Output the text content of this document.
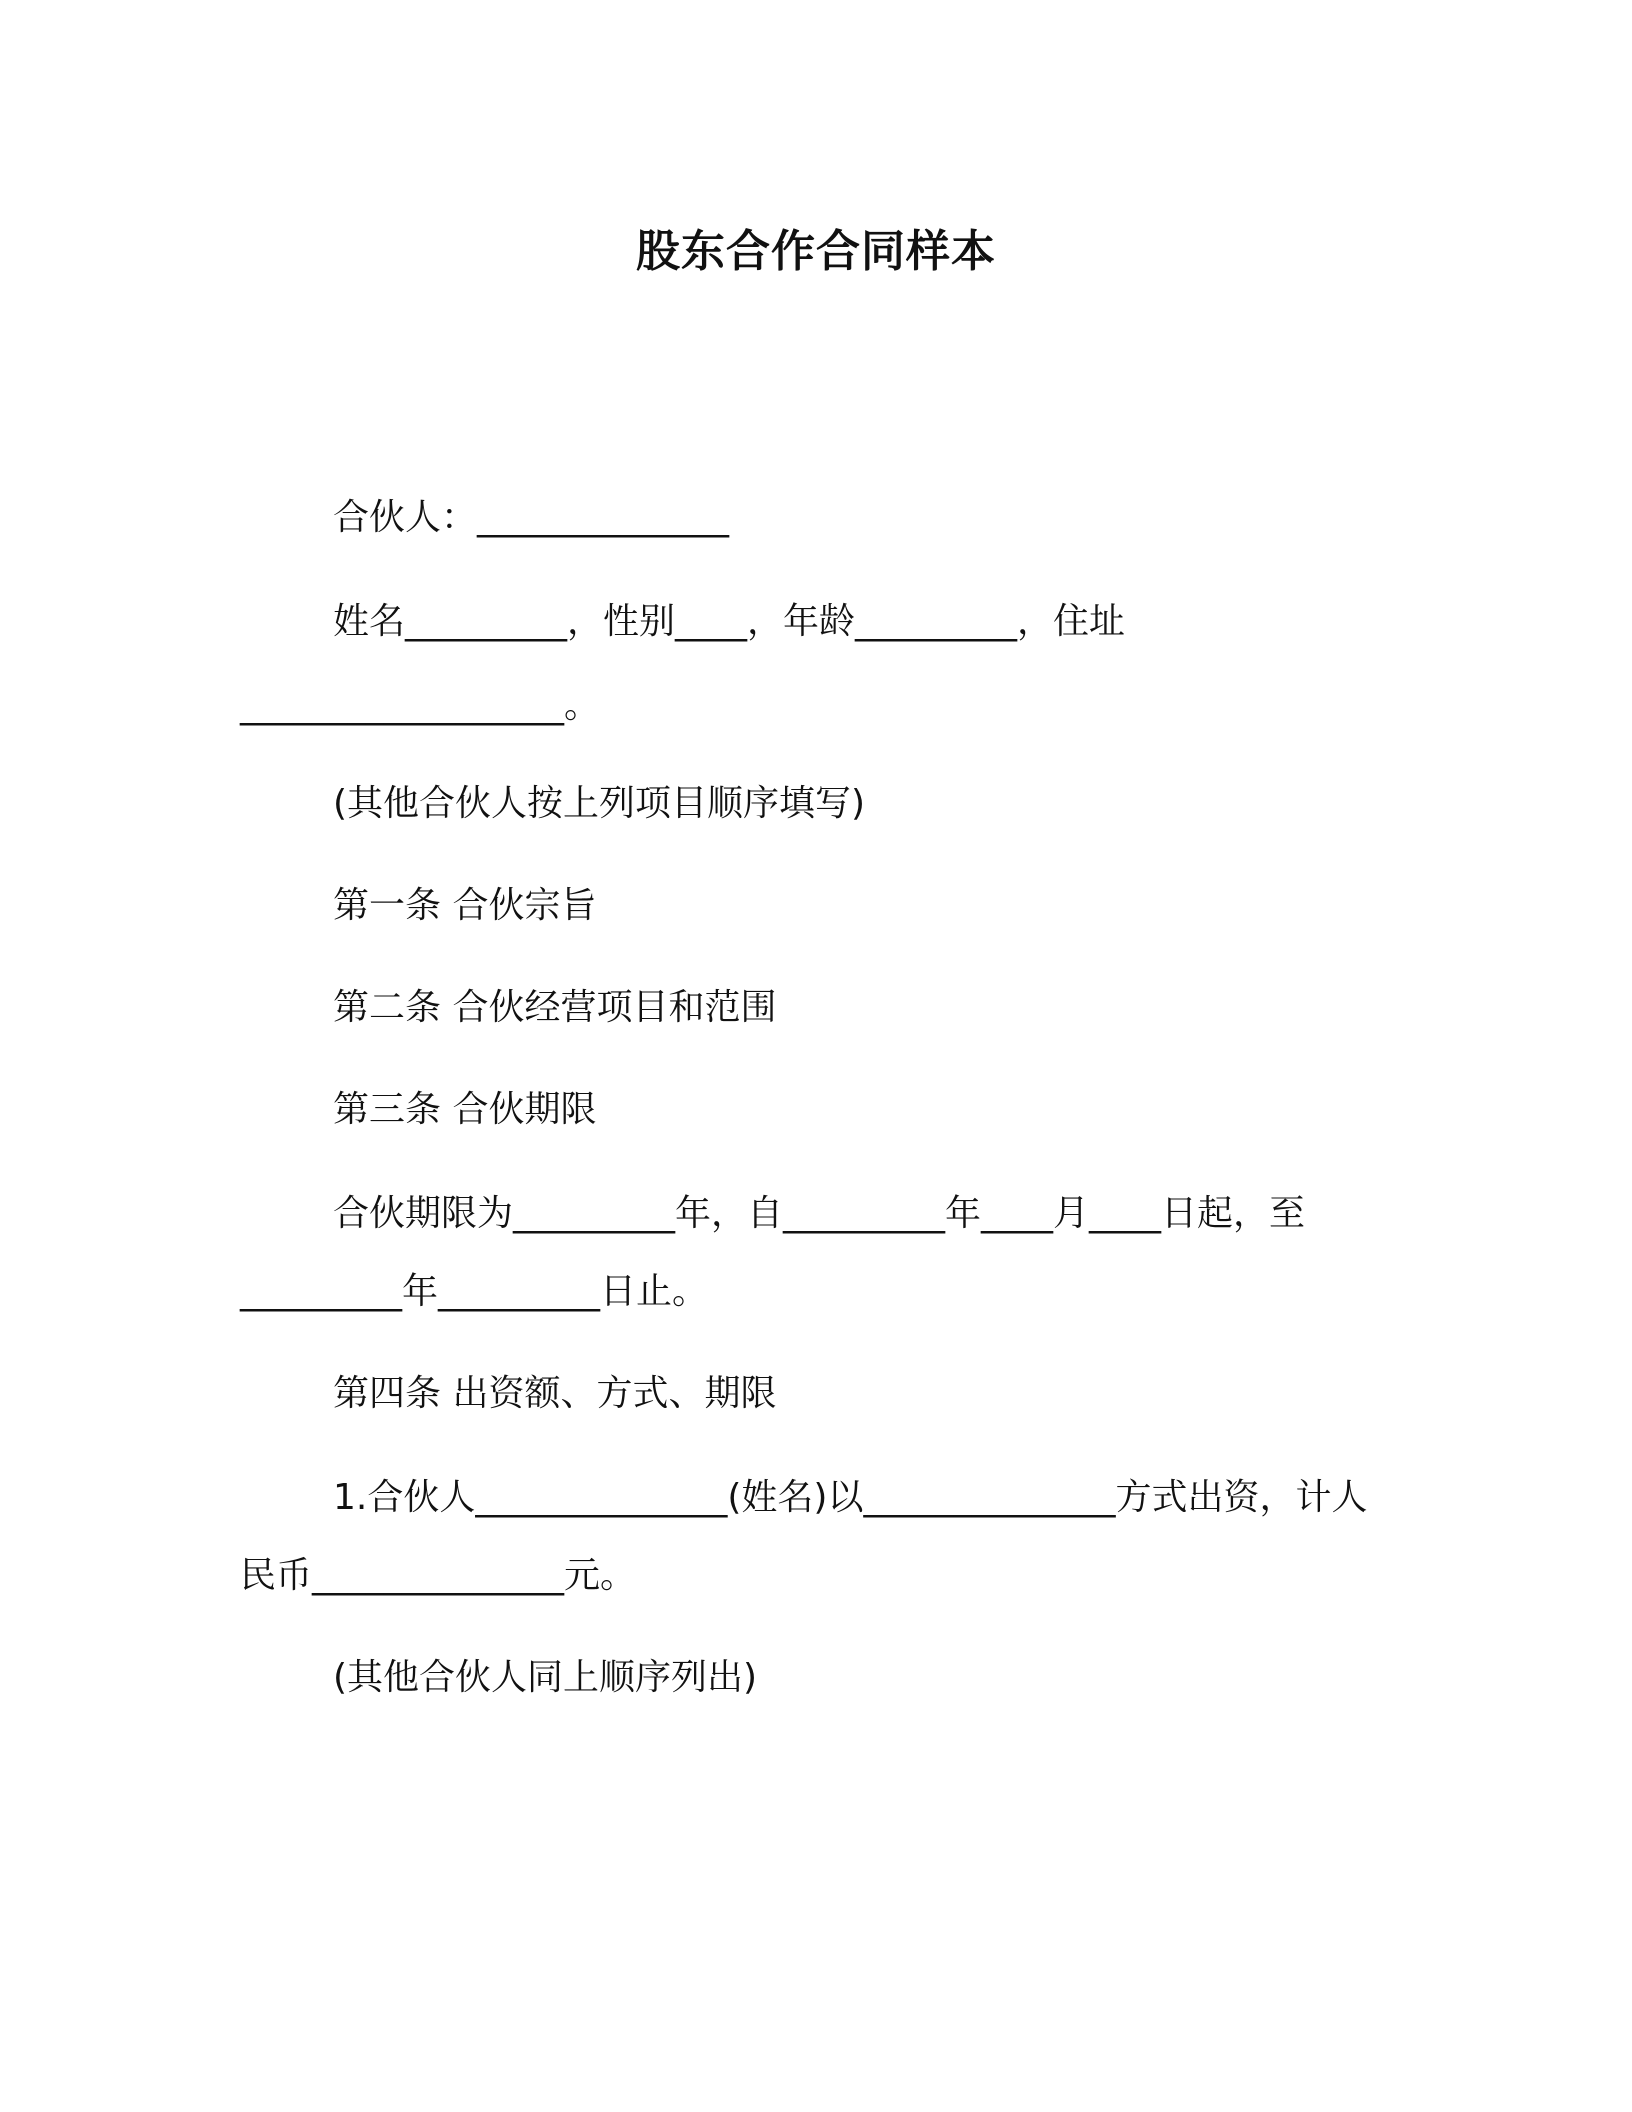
股东合作合同样本
合伙人：______________
姓名_________，性别____，年龄_________，住址
__________________。
(其他合伙人按上列项目顺序填写)
第一条 合伙宗旨
第二条 合伙经营项目和范围
第三条 合伙期限
合伙期限为_________年，自_________年____月____日起，至
_________年_________日止。
第四条 出资额、方式、期限
1.合伙人______________(姓名)以______________方式出资，计人
民币______________元。
(其他合伙人同上顺序列出)
